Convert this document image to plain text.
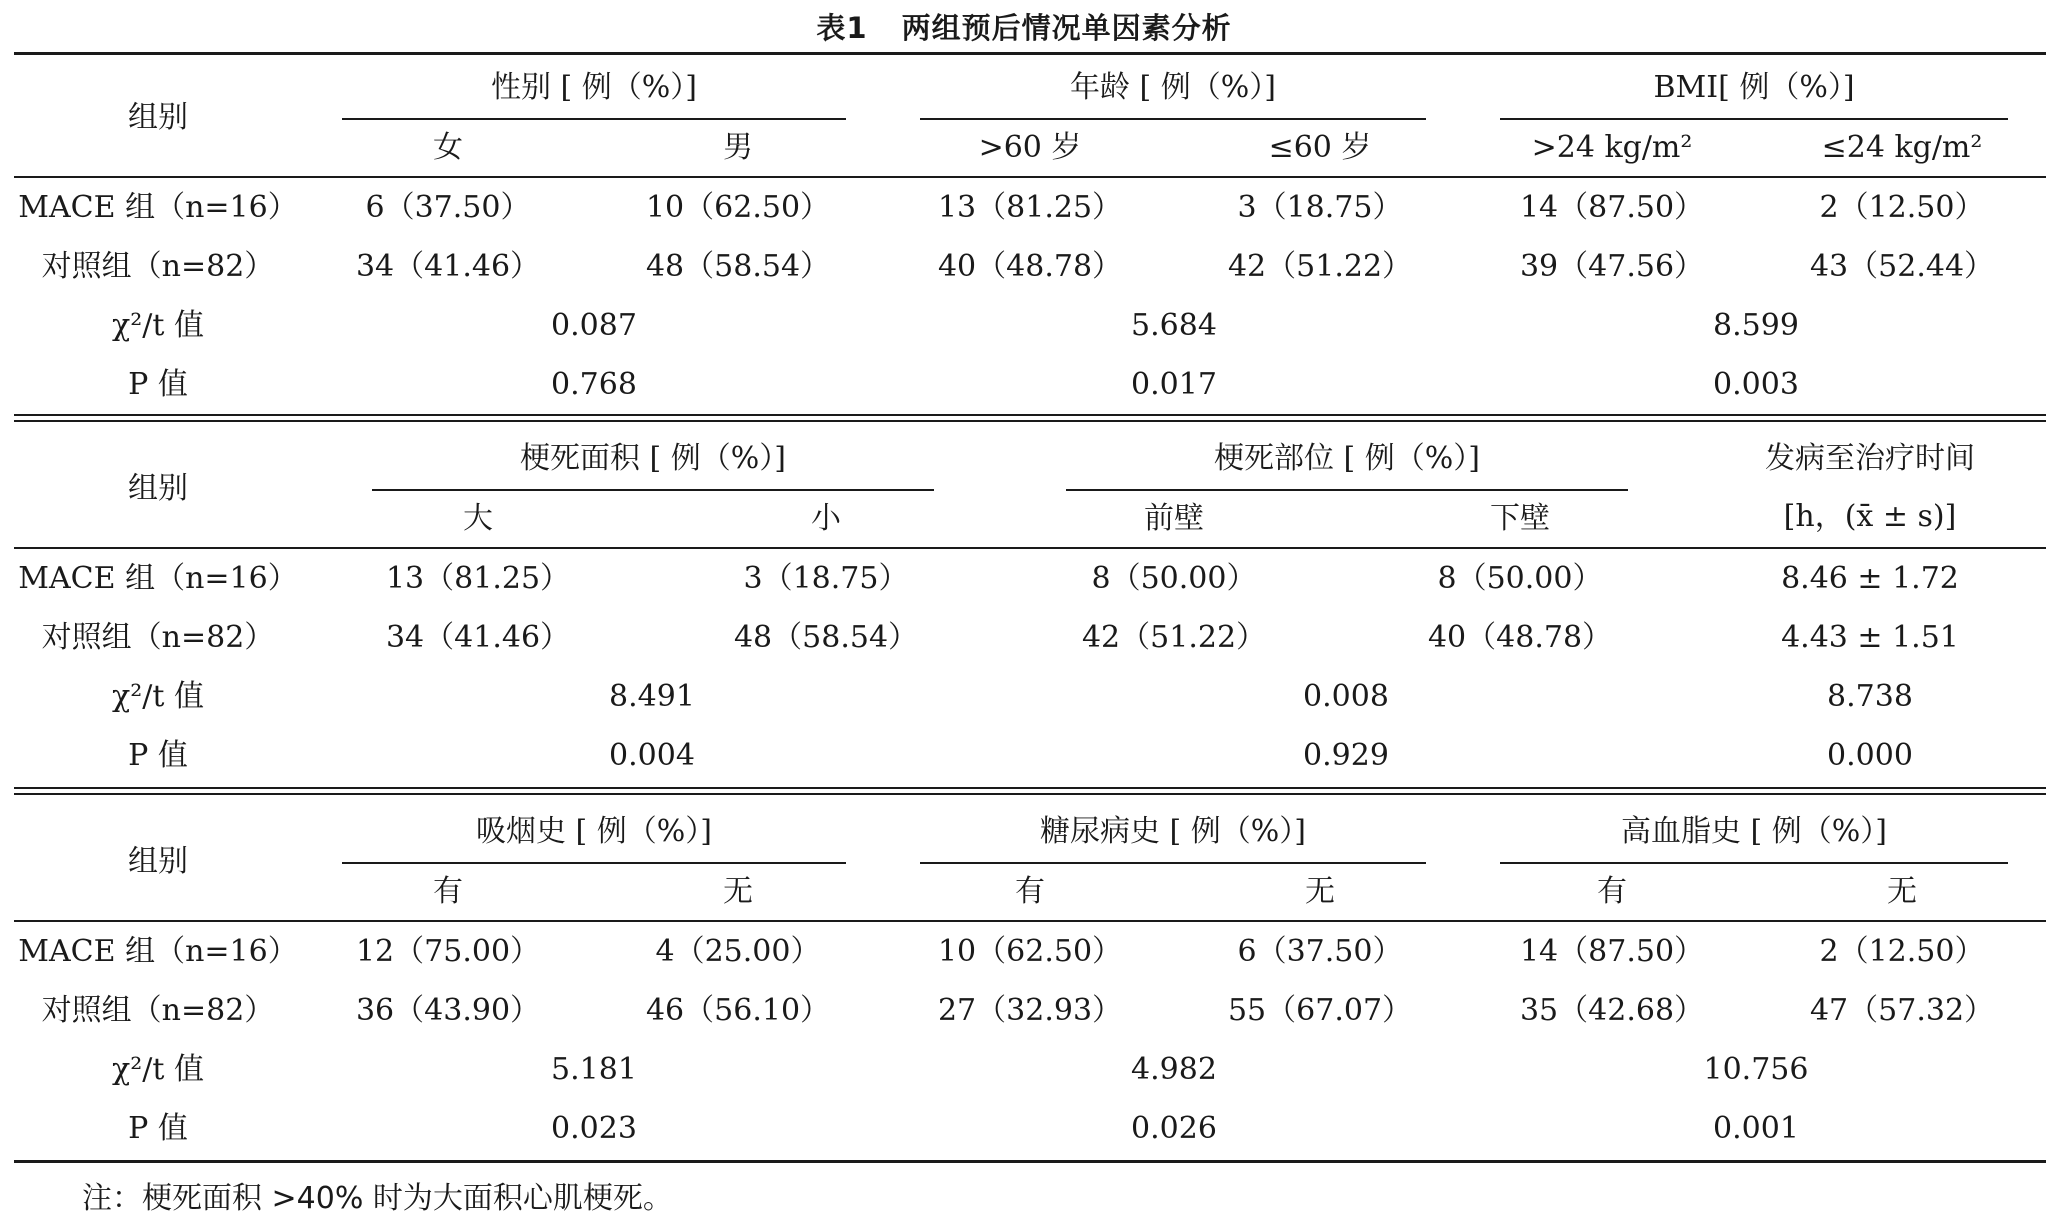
表1 两组预后情况单因素分析
组别
性别 [ 例（%）]
女	男
年龄 [ 例（%）]
>60 岁	≤60 岁
BMI[ 例（%）]
>24 kg/m²	≤24 kg/m²
MACE 组（n=16） 6（37.50）	10（62.50）	13（81.25）	3（18.75）	14（87.50）	2（12.50）
对照组（n=82）	34（41.46）	48（58.54）	40（48.78）	42（51.22）	39（47.56）	43（52.44）
χ²/t 值	0.087	5.684	8.599
P 值	0.768	0.017	0.003
组别
梗死面积 [ 例（%）]
大	小
梗死部位 [ 例（%）]
前壁	下壁
发病至治疗时间
[h，(x̄ ± s)]
MACE 组（n=16）	13（81.25）	3（18.75）	8（50.00）	8（50.00）	8.46 ± 1.72
对照组（n=82）	34（41.46）	48（58.54）	42（51.22）	40（48.78）	4.43 ± 1.51
χ²/t 值	8.491	0.008	8.738
P 值	0.004	0.929	0.000
组别
吸烟史 [ 例（%）]
有	无
糖尿病史 [ 例（%）]
有	无
高血脂史 [ 例（%）]
有	无
MACE 组（n=16） 12（75.00）	4（25.00）	10（62.50）	6（37.50）	14（87.50）	2（12.50）
对照组（n=82）	36（43.90）	46（56.10）	27（32.93）	55（67.07）	35（42.68）	47（57.32）
χ²/t 值	5.181	4.982	10.756
P 值	0.023	0.026	0.001
注：梗死面积 >40% 时为大面积心肌梗死。
